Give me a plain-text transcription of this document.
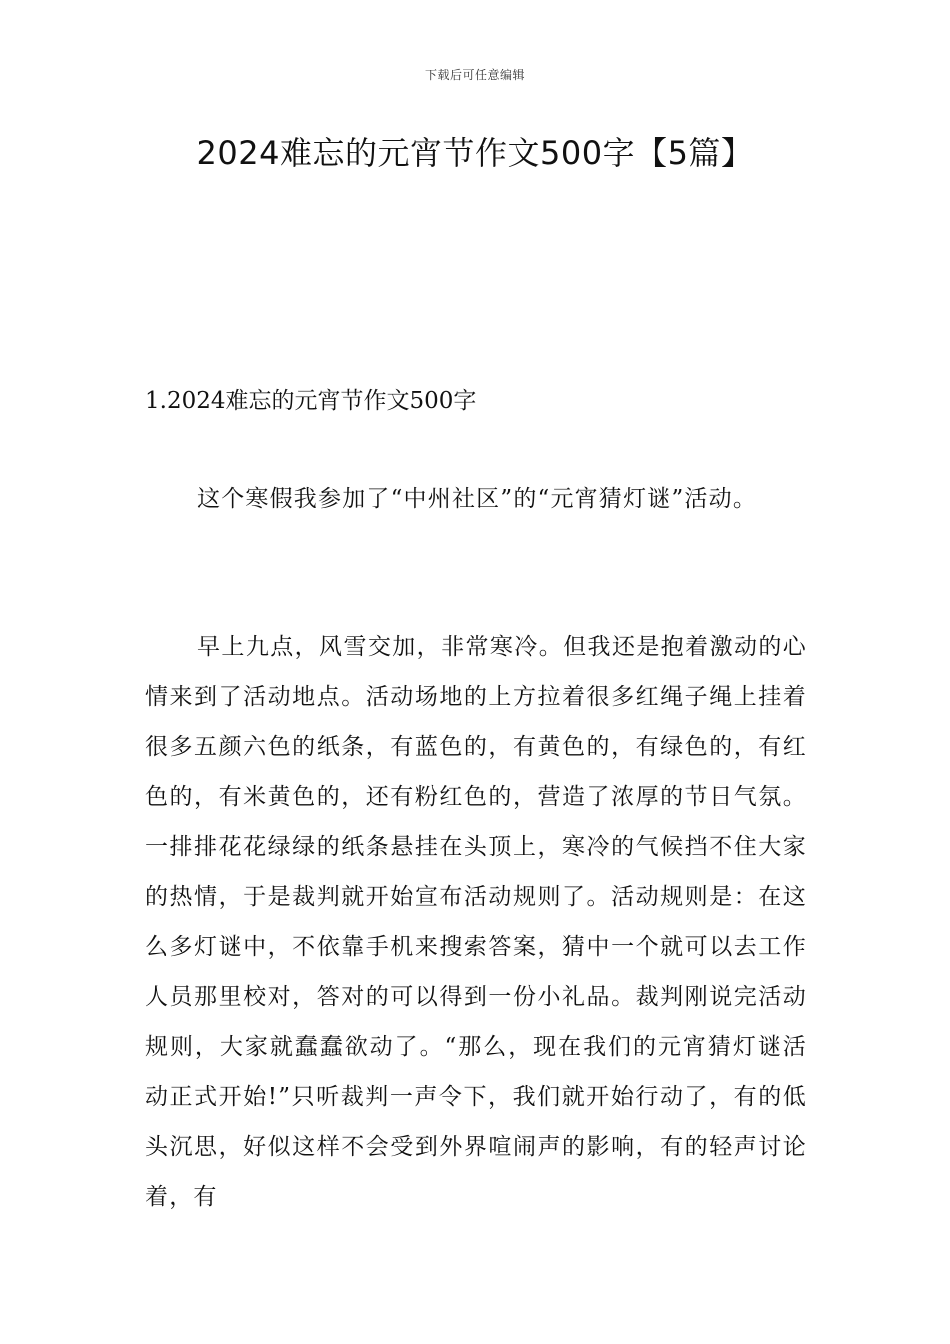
下载后可任意编辑
2024难忘的元宵节作文500字【5篇】
1.2024难忘的元宵节作文500字

这个寒假我参加了“中州社区”的“元宵猜灯谜”活动。

早上九点，风雪交加，非常寒冷。但我还是抱着激动的心情来到了活动地点。活动场地的上方拉着很多红绳子绳上挂着很多五颜六色的纸条，有蓝色的，有黄色的，有绿色的，有红色的，有米黄色的，还有粉红色的，营造了浓厚的节日气氛。一排排花花绿绿的纸条悬挂在头顶上，寒冷的气候挡不住大家的热情，于是裁判就开始宣布活动规则了。活动规则是：在这么多灯谜中，不依靠手机来搜索答案，猜中一个就可以去工作人员那里校对，答对的可以得到一份小礼品。裁判刚说完活动规则，大家就蠢蠢欲动了。“那么，现在我们的元宵猜灯谜活动正式开始!”只听裁判一声令下，我们就开始行动了，有的低头沉思，好似这样不会受到外界喧闹声的影响，有的轻声讨论着，有
